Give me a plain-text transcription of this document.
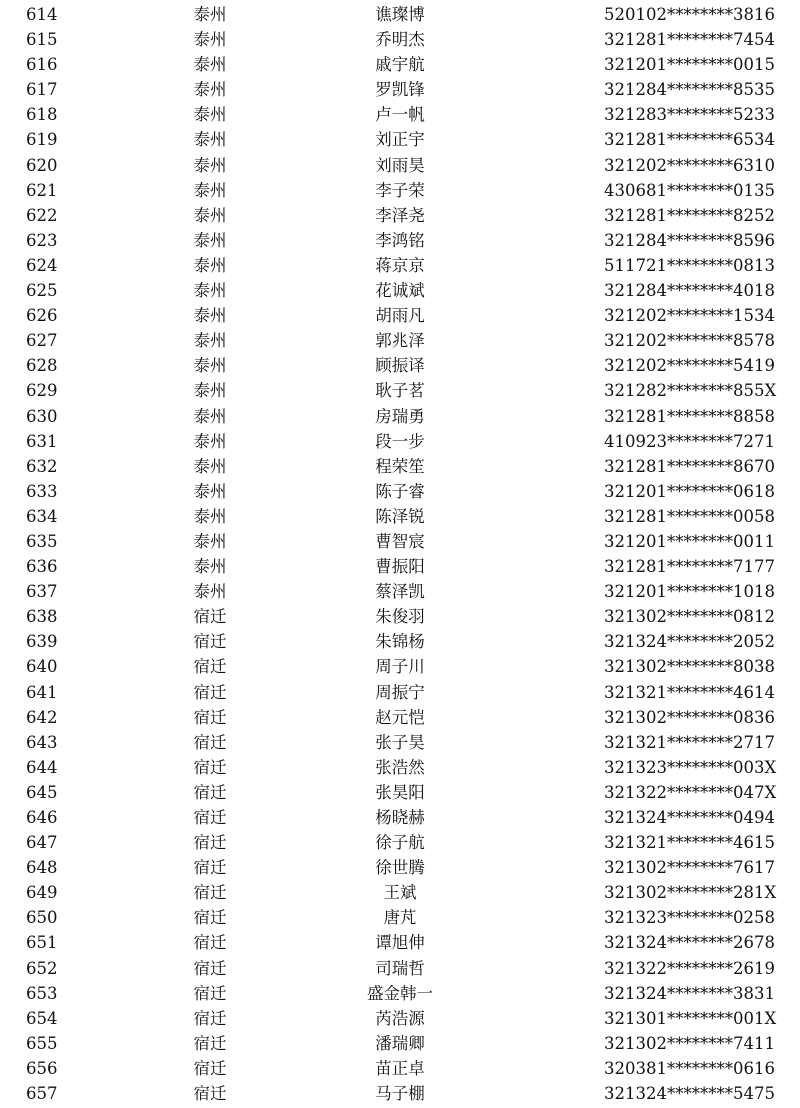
614	泰州	谯璨博	520102********3816
615	泰州	乔明杰	321281********7454
616	泰州	戚宇航	321201********0015
617	泰州	罗凯锋	321284********8535
618	泰州	卢一帆	321283********5233
619	泰州	刘正宇	321281********6534
620	泰州	刘雨昊	321202********6310
621	泰州	李子荣	430681********0135
622	泰州	李泽尧	321281********8252
623	泰州	李鸿铭	321284********8596
624	泰州	蒋京京	511721********0813
625	泰州	花诚斌	321284********4018
626	泰州	胡雨凡	321202********1534
627	泰州	郭兆泽	321202********8578
628	泰州	顾振译	321202********5419
629	泰州	耿子茗	321282********855X
630	泰州	房瑞勇	321281********8858
631	泰州	段一步	410923********7271
632	泰州	程荣笙	321281********8670
633	泰州	陈子睿	321201********0618
634	泰州	陈泽锐	321281********0058
635	泰州	曹智宸	321201********0011
636	泰州	曹振阳	321281********7177
637	泰州	蔡泽凯	321201********1018
638	宿迁	朱俊羽	321302********0812
639	宿迁	朱锦杨	321324********2052
640	宿迁	周子川	321302********8038
641	宿迁	周振宁	321321********4614
642	宿迁	赵元恺	321302********0836
643	宿迁	张子昊	321321********2717
644	宿迁	张浩然	321323********003X
645	宿迁	张昊阳	321322********047X
646	宿迁	杨晓赫	321324********0494
647	宿迁	徐子航	321321********4615
648	宿迁	徐世腾	321302********7617
649	宿迁	王斌	321302********281X
650	宿迁	唐芃	321323********0258
651	宿迁	谭旭伸	321324********2678
652	宿迁	司瑞哲	321322********2619
653	宿迁	盛金韩一	321324********3831
654	宿迁	芮浩源	321301********001X
655	宿迁	潘瑞卿	321302********7411
656	宿迁	苗正卓	320381********0616
657	宿迁	马子棚	321324********5475
